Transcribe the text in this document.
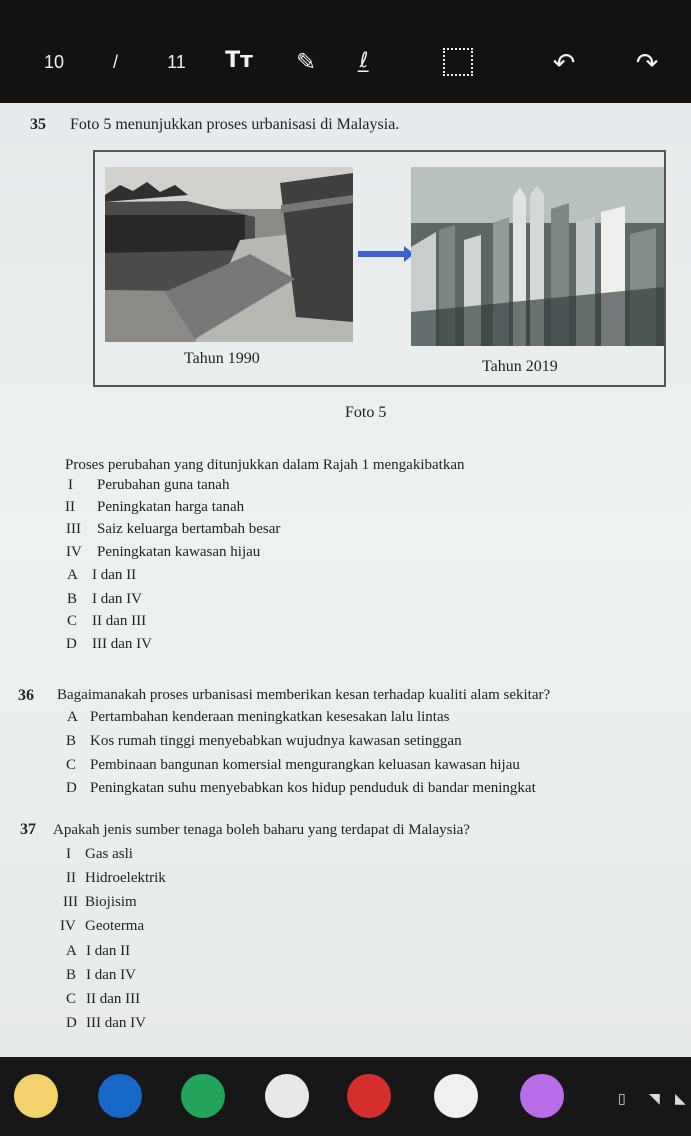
10	/	11	Tт ✎	ℓ̲	↶ ↷
35 Foto 5 menunjukkan proses urbanisasi di Malaysia.
Tahun 1990	Tahun 2019
Foto 5
Proses perubahan yang ditunjukkan dalam Rajah 1 mengakibatkan
I Perubahan guna tanah
II Peningkatan harga tanah
III Saiz keluarga bertambah besar
IV Peningkatan kawasan hijau
A I dan II
B I dan IV
C II dan III
D III dan IV
36 Bagaimanakah proses urbanisasi memberikan kesan terhadap kualiti alam sekitar?
A Pertambahan kenderaan meningkatkan kesesakan lalu lintas
B Kos rumah tinggi menyebabkan wujudnya kawasan setinggan
C Pembinaan bangunan komersial mengurangkan keluasan kawasan hijau
D Peningkatan suhu menyebabkan kos hidup penduduk di bandar meningkat
37 Apakah jenis sumber tenaga boleh baharu yang terdapat di Malaysia?
I Gas asli
II Hidroelektrik
III Biojisim
IV Geoterma
A I dan II
B I dan IV
C II dan III
D III dan IV
▯ ◥ ◣
